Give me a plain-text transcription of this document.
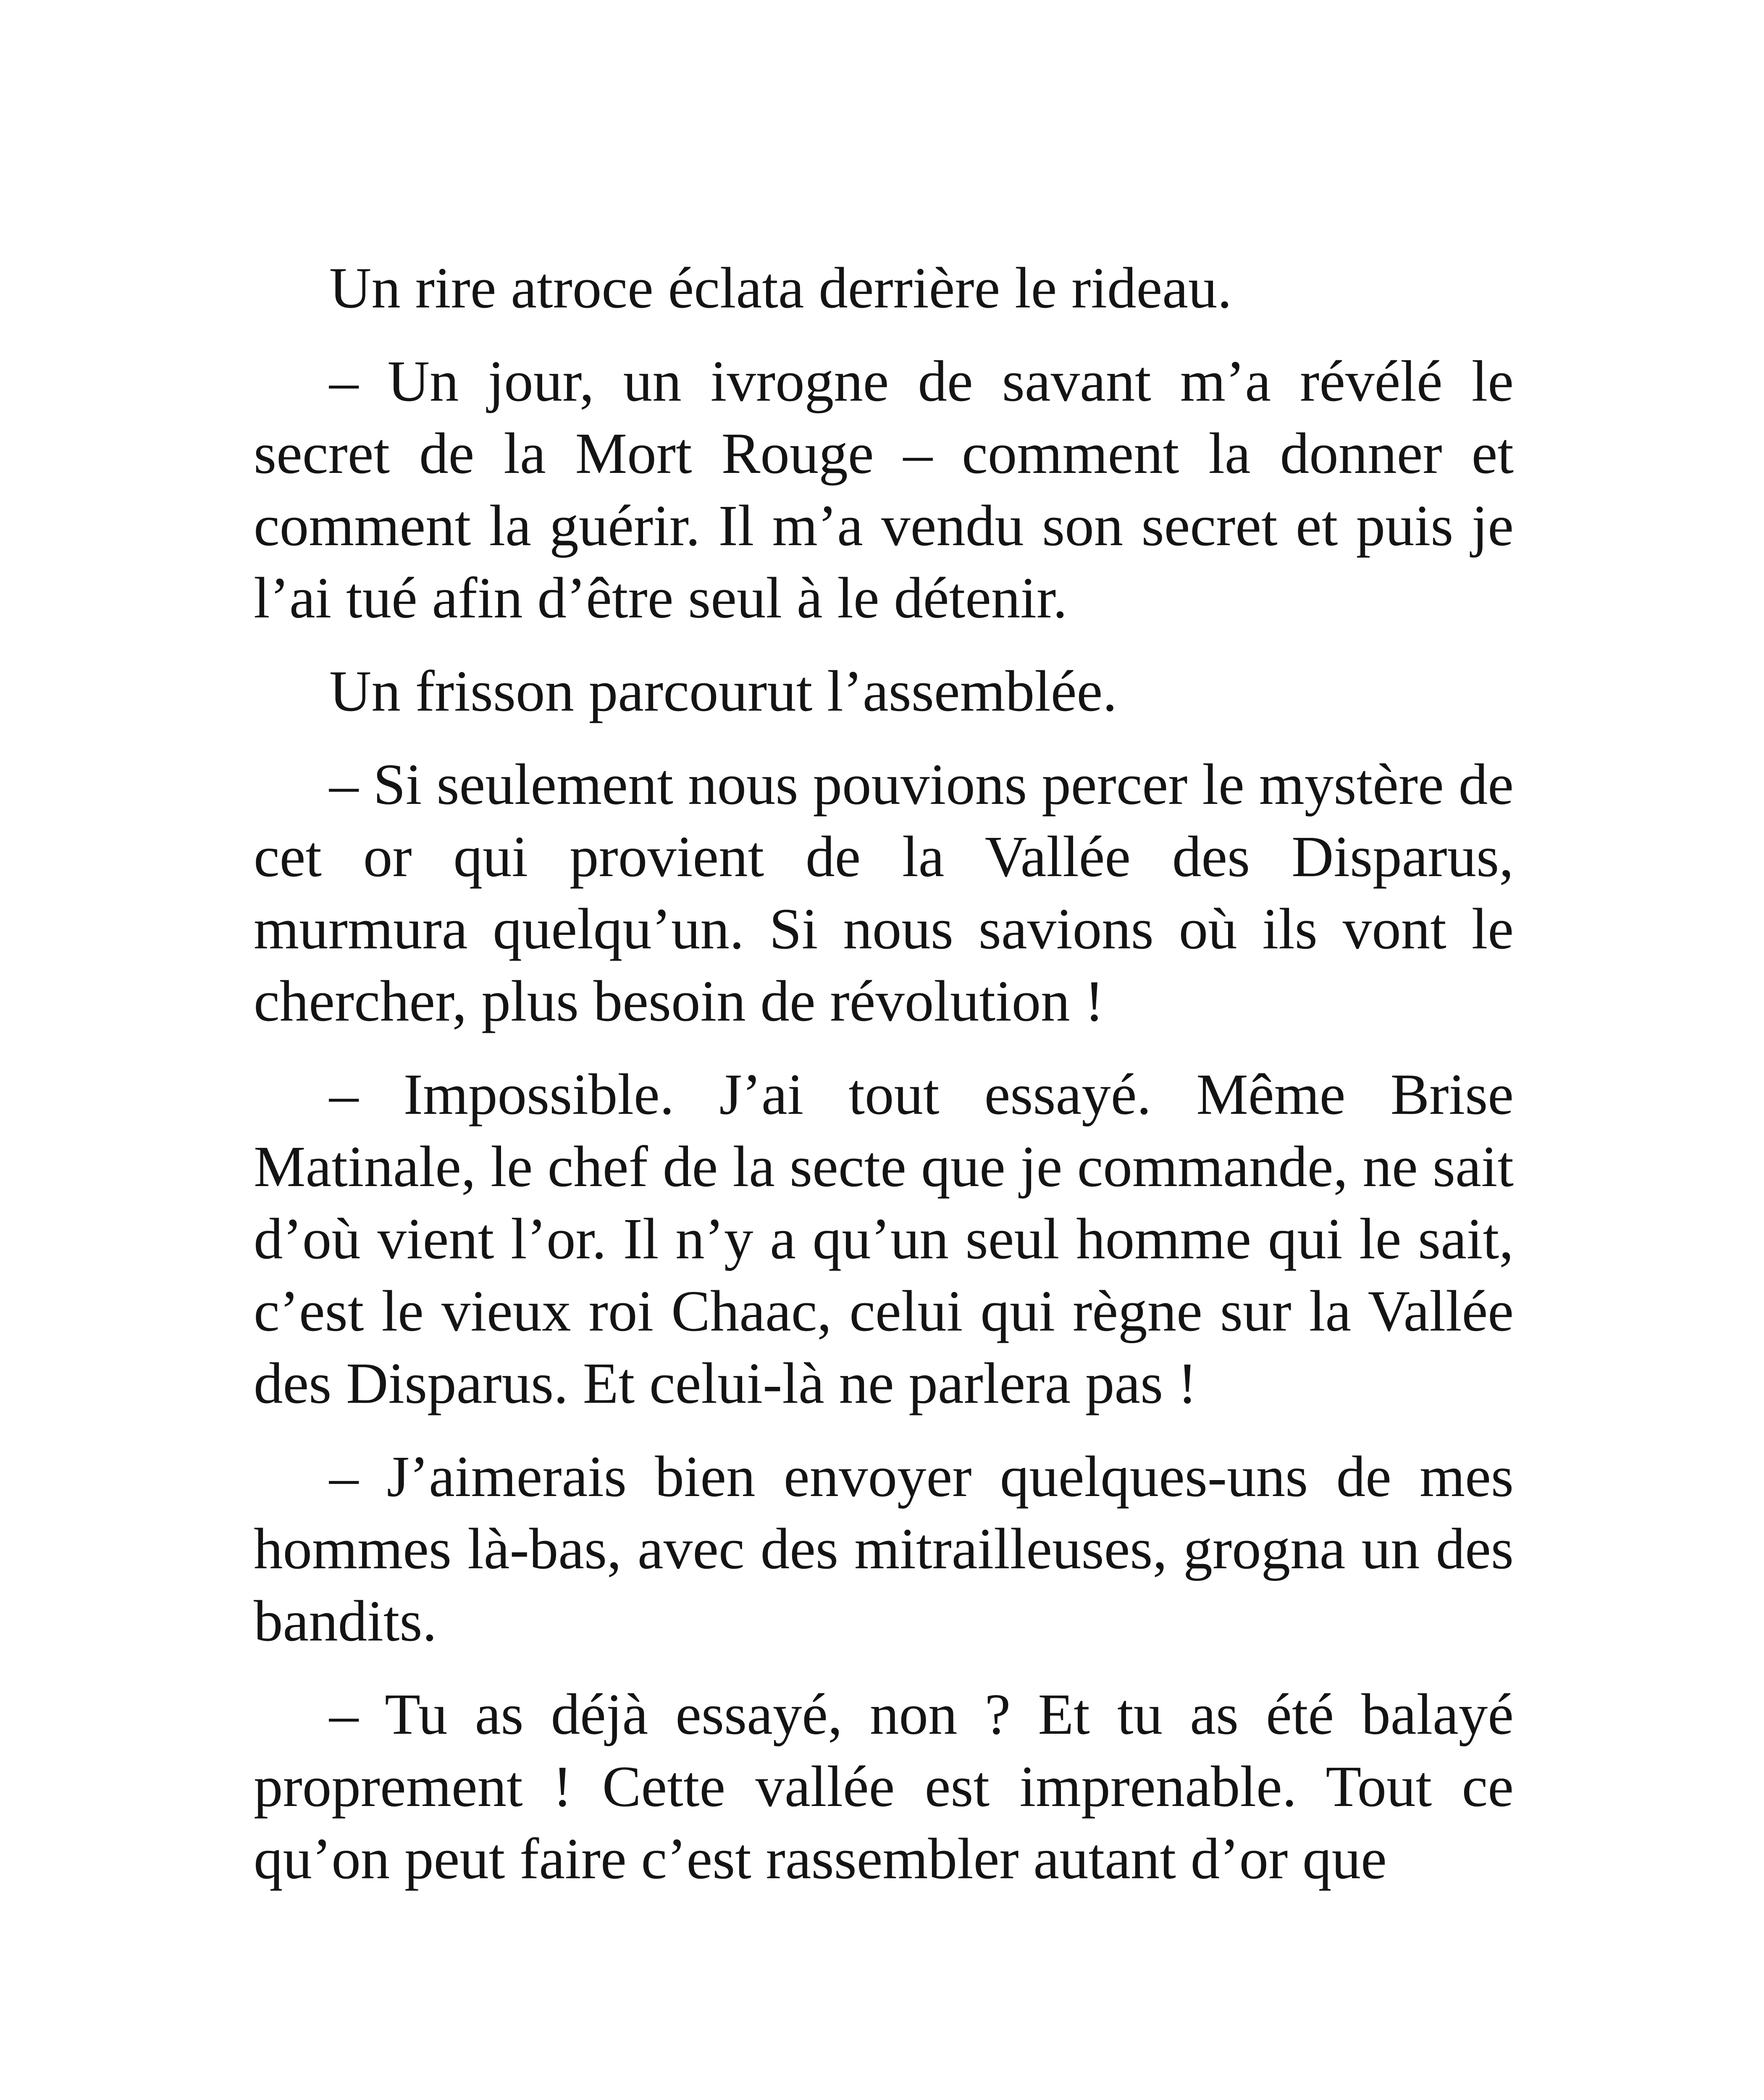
Un rire atroce éclata derrière le rideau.

– Un jour, un ivrogne de savant m’a révélé le secret de la Mort Rouge – comment la donner et comment la guérir. Il m’a vendu son secret et puis je l’ai tué afin d’être seul à le détenir.

Un frisson parcourut l’assemblée.

– Si seulement nous pouvions percer le mystère de cet or qui provient de la Vallée des Disparus, murmura quelqu’un. Si nous savions où ils vont le chercher, plus besoin de révolution !

– Impossible. J’ai tout essayé. Même Brise Matinale, le chef de la secte que je commande, ne sait d’où vient l’or. Il n’y a qu’un seul homme qui le sait, c’est le vieux roi Chaac, celui qui règne sur la Vallée des Disparus. Et celui-là ne parlera pas !

– J’aimerais bien envoyer quelques-uns de mes hommes là-bas, avec des mitrailleuses, grogna un des bandits.

– Tu as déjà essayé, non ? Et tu as été balayé proprement ! Cette vallée est imprenable. Tout ce qu’on peut faire c’est rassembler autant d’or que
